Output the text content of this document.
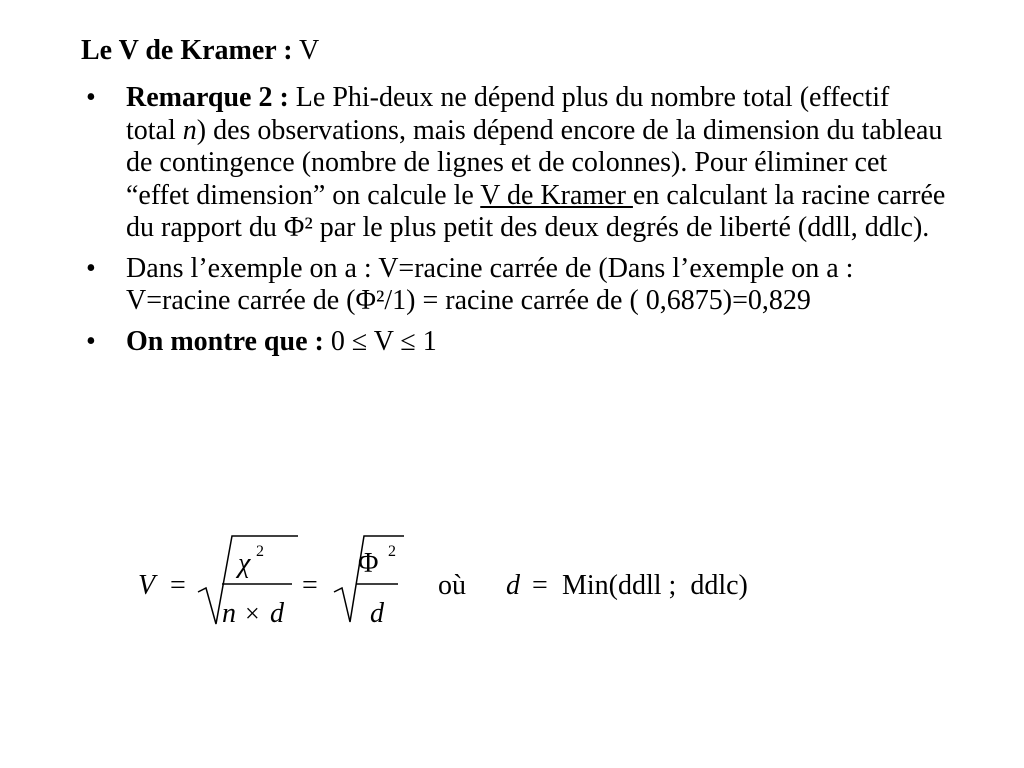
Le V de Kramer : V
• Remarque 2 : Le Phi-deux ne dépend plus du nombre total (effectif total n) des observations, mais dépend encore de la dimension du tableau de contingence (nombre de lignes et de colonnes). Pour éliminer cet “effet dimension” on calcule le V de Kramer en calculant la racine carrée du rapport du Φ² par le plus petit des deux degrés de liberté (ddll, ddlc).
• Dans l’exemple on a : V=racine carrée de (Dans l’exemple on a : V=racine carrée de (Φ²/1) = racine carrée de ( 0,6875)=0,829
• On montre que : 0 ≤ V ≤ 1
V =
χ 2
n × d
=
Φ 2
d
où d = Min(ddll ;  ddlc)
